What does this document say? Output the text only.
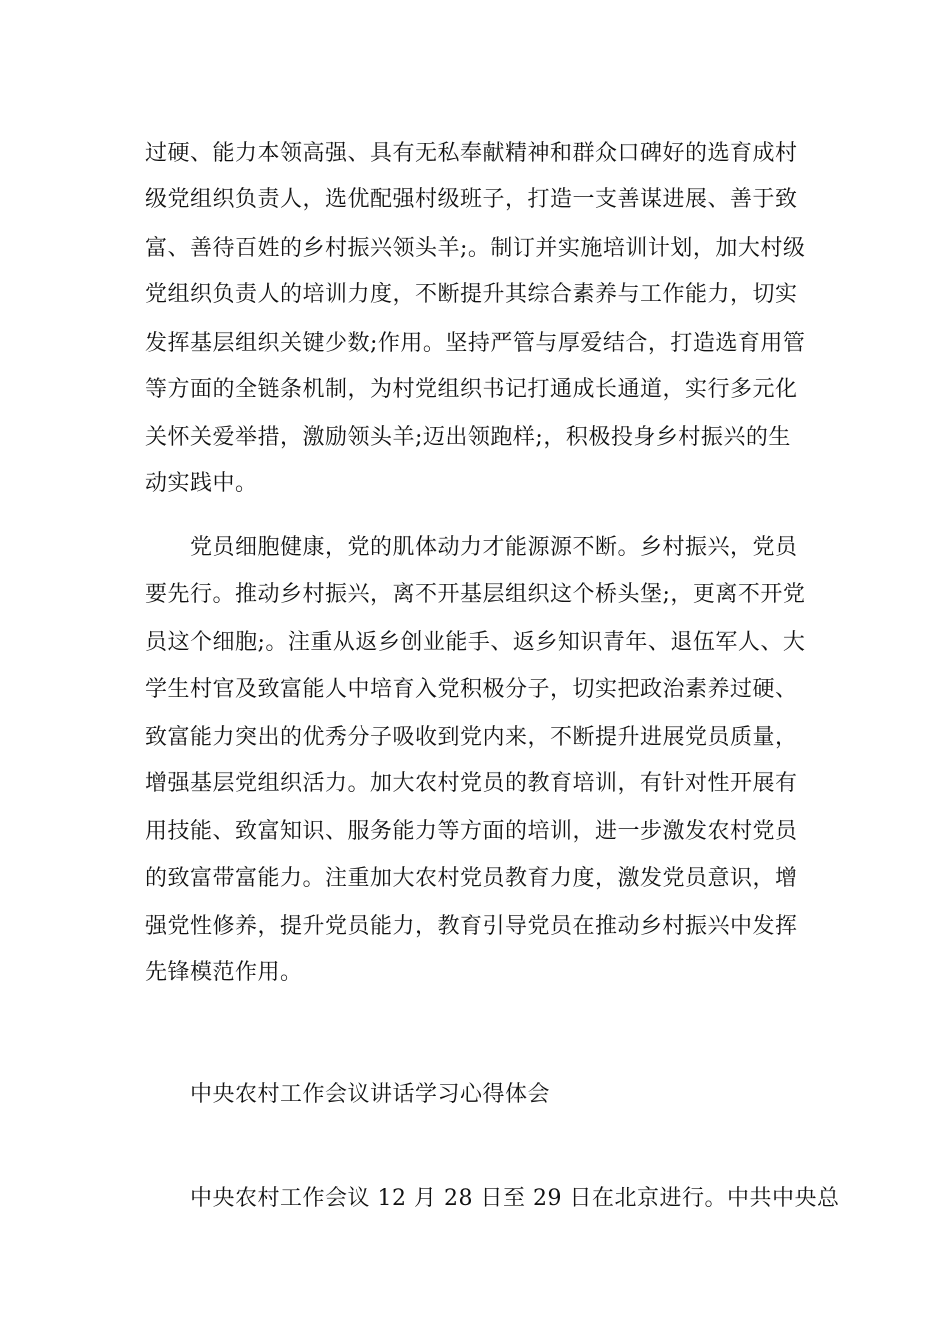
过硬、能力本领高强、具有无私奉献精神和群众口碑好的选育成村
级党组织负责人，选优配强村级班子，打造一支善谋进展、善于致
富、善待百姓的乡村振兴领头羊;。制订并实施培训计划，加大村级
党组织负责人的培训力度，不断提升其综合素养与工作能力，切实
发挥基层组织关键少数;作用。坚持严管与厚爱结合，打造选育用管
等方面的全链条机制，为村党组织书记打通成长通道，实行多元化
关怀关爱举措，激励领头羊;迈出领跑样;，积极投身乡村振兴的生
动实践中。
党员细胞健康，党的肌体动力才能源源不断。乡村振兴，党员
要先行。推动乡村振兴，离不开基层组织这个桥头堡;，更离不开党
员这个细胞;。注重从返乡创业能手、返乡知识青年、退伍军人、大
学生村官及致富能人中培育入党积极分子，切实把政治素养过硬、
致富能力突出的优秀分子吸收到党内来，不断提升进展党员质量，
增强基层党组织活力。加大农村党员的教育培训，有针对性开展有
用技能、致富知识、服务能力等方面的培训，进一步激发农村党员
的致富带富能力。注重加大农村党员教育力度，激发党员意识，增
强党性修养，提升党员能力，教育引导党员在推动乡村振兴中发挥
先锋模范作用。
中央农村工作会议讲话学习心得体会
中央农村工作会议 12 月 28 日至 29 日在北京进行。中共中央总
